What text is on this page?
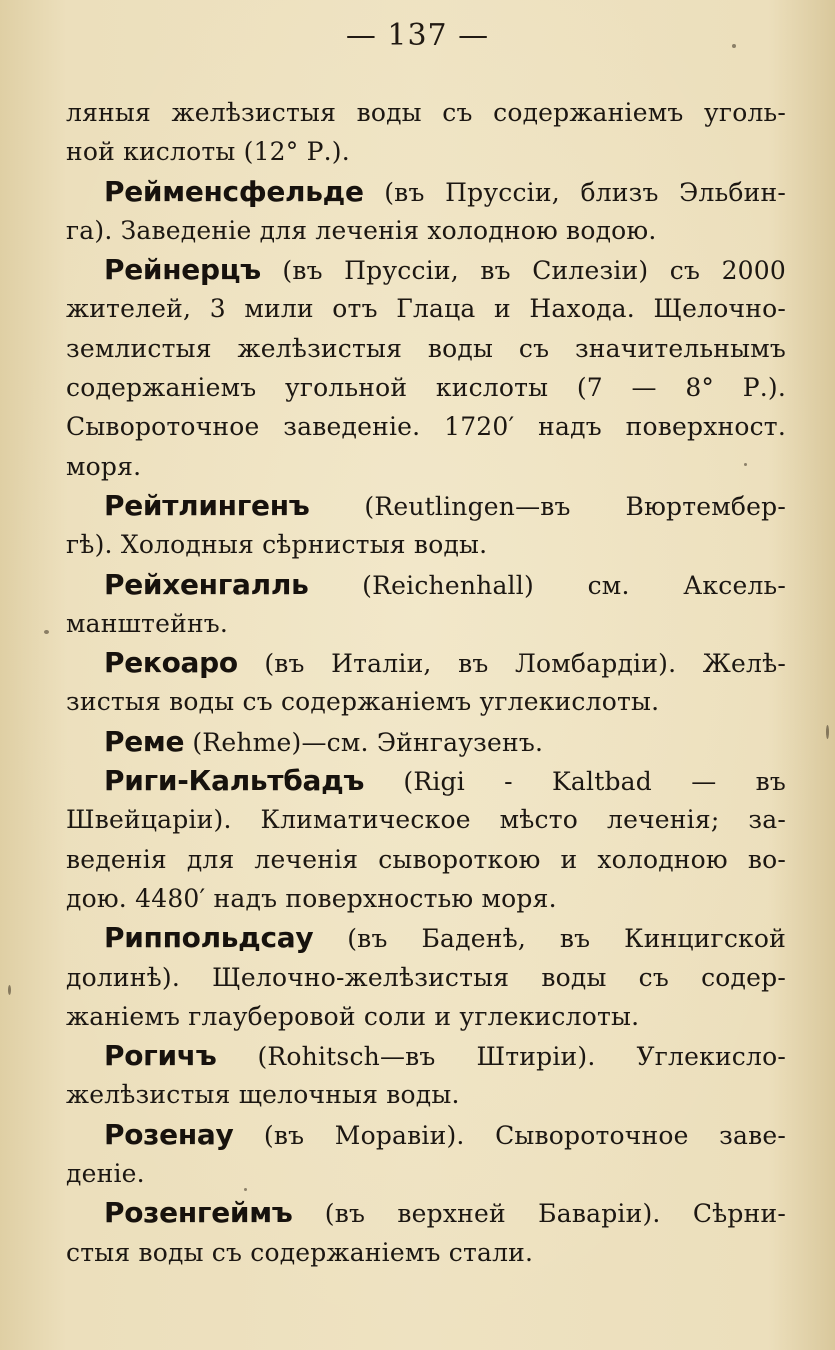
— 137 —
ляныя желѣзистыя воды съ содержаніемъ уголь-
ной кислоты (12° Р.).
Рейменсфельде (въ Пруссіи, близъ Эльбин-
га). Заведеніе для леченія холодною водою.
Рейнерцъ (въ Пруссіи, въ Силезіи) съ 2000
жителей, 3 мили отъ Глаца и Находа. Щелочно-
землистыя желѣзистыя воды съ значительнымъ
содержаніемъ угольной кислоты (7 — 8° Р.).
Сывороточное заведеніе. 1720′ надъ поверхност.
моря.
Рейтлингенъ (Reutlingen—въ Вюртембер-
гѣ). Холодныя сѣрнистыя воды.
Рейхенгалль (Reichenhall) см. Аксель-
манштейнъ.
Рекоаро (въ Италіи, въ Ломбардіи). Желѣ-
зистыя воды съ содержаніемъ углекислоты.
Реме (Rehme)—см. Эйнгаузенъ.
Риги-Кальтбадъ (Rigi - Kaltbad — въ
Швейцаріи). Климатическое мѣсто леченія; за-
веденія для леченія сывороткою и холодною во-
дою. 4480′ надъ поверхностью моря.
Риппольдсау (въ Баденѣ, въ Кинцигской
долинѣ). Щелочно-желѣзистыя воды съ содер-
жаніемъ глауберовой соли и углекислоты.
Рогичъ (Rohitsch—въ Штиріи). Углекисло-
желѣзистыя щелочныя воды.
Розенау (въ Моравіи). Сывороточное заве-
деніе.
Розенгеймъ (въ верхней Баваріи). Сѣрни-
стыя воды съ содержаніемъ стали.
